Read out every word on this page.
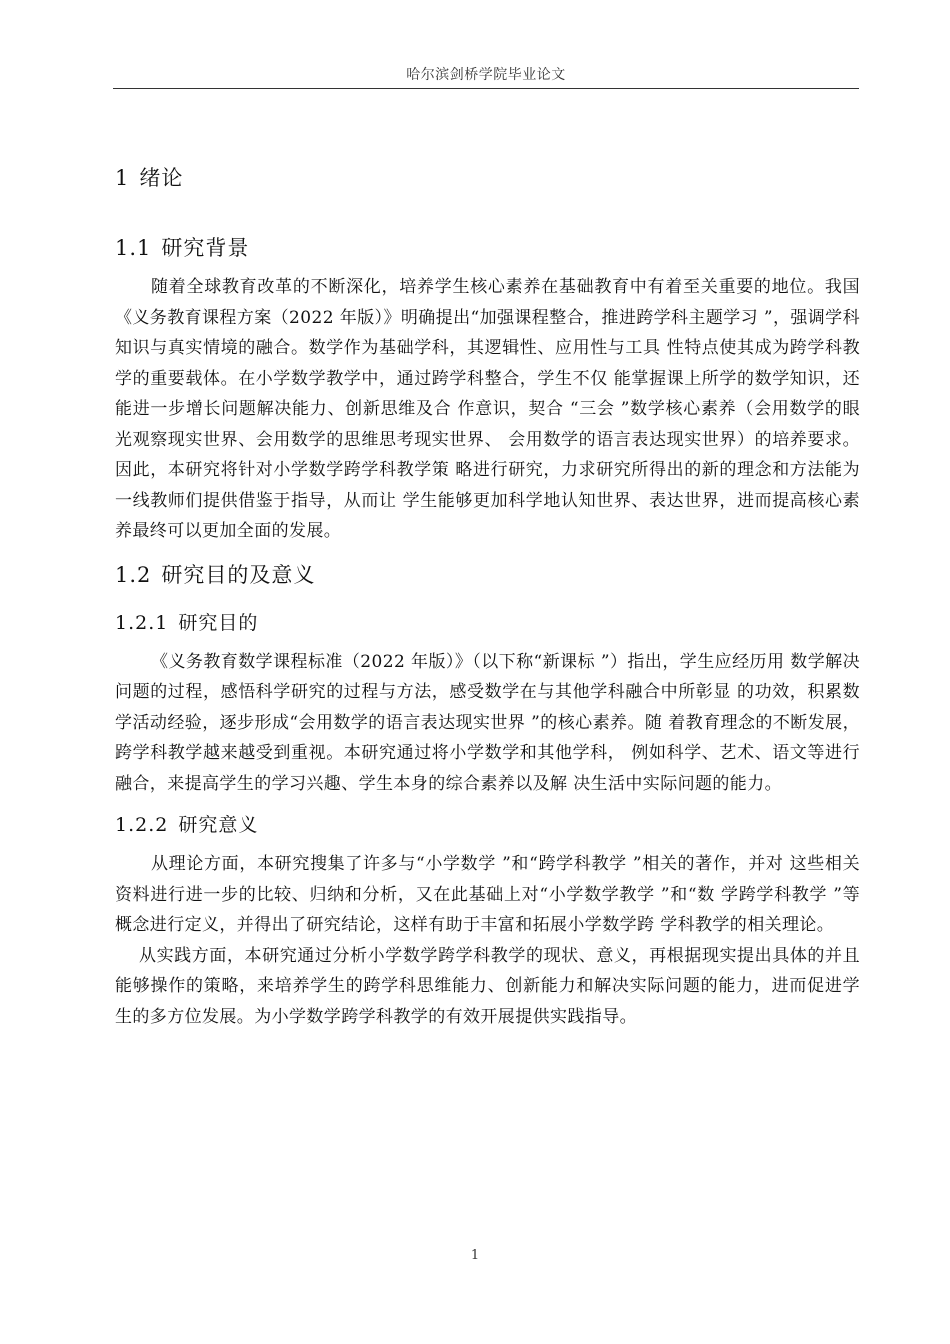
哈尔滨剑桥学院毕业论文
1 绪论
1.1 研究背景

随着全球教育改革的不断深化，培养学生核心素养在基础教育中有着至关重要的地位。我国《义务教育课程方案（2022 年版）》明确提出“加强课程整合，推进跨学科主题学习 ”，强调学科知识与真实情境的融合。数学作为基础学科，其逻辑性、应用性与工具 性特点使其成为跨学科教学的重要载体。在小学数学教学中，通过跨学科整合，学生不仅 能掌握课上所学的数学知识，还能进一步增长问题解决能力、创新思维及合 作意识，契合 “三会 ”数学核心素养（会用数学的眼光观察现实世界、会用数学的思维思考现实世界、 会用数学的语言表达现实世界）的培养要求。因此，本研究将针对小学数学跨学科教学策 略进行研究，力求研究所得出的新的理念和方法能为一线教师们提供借鉴于指导，从而让 学生能够更加科学地认知世界、表达世界，进而提高核心素养最终可以更加全面的发展。

1.2 研究目的及意义
1.2.1 研究目的

《义务教育数学课程标准（2022 年版）》（以下称“新课标 ”）指出，学生应经历用 数学解决问题的过程，感悟科学研究的过程与方法，感受数学在与其他学科融合中所彰显 的功效，积累数学活动经验，逐步形成“会用数学的语言表达现实世界 ”的核心素养。随 着教育理念的不断发展，跨学科教学越来越受到重视。本研究通过将小学数学和其他学科， 例如科学、艺术、语文等进行融合，来提高学生的学习兴趣、学生本身的综合素养以及解 决生活中实际问题的能力。

1.2.2 研究意义

从理论方面，本研究搜集了许多与“小学数学 ”和“跨学科教学 ”相关的著作，并对 这些相关资料进行进一步的比较、归纳和分析，又在此基础上对“小学数学教学 ”和“数 学跨学科教学 ”等概念进行定义，并得出了研究结论，这样有助于丰富和拓展小学数学跨 学科教学的相关理论。

从实践方面，本研究通过分析小学数学跨学科教学的现状、意义，再根据现实提出具体的并且能够操作的策略，来培养学生的跨学科思维能力、创新能力和解决实际问题的能力，进而促进学生的多方位发展。为小学数学跨学科教学的有效开展提供实践指导。

1
